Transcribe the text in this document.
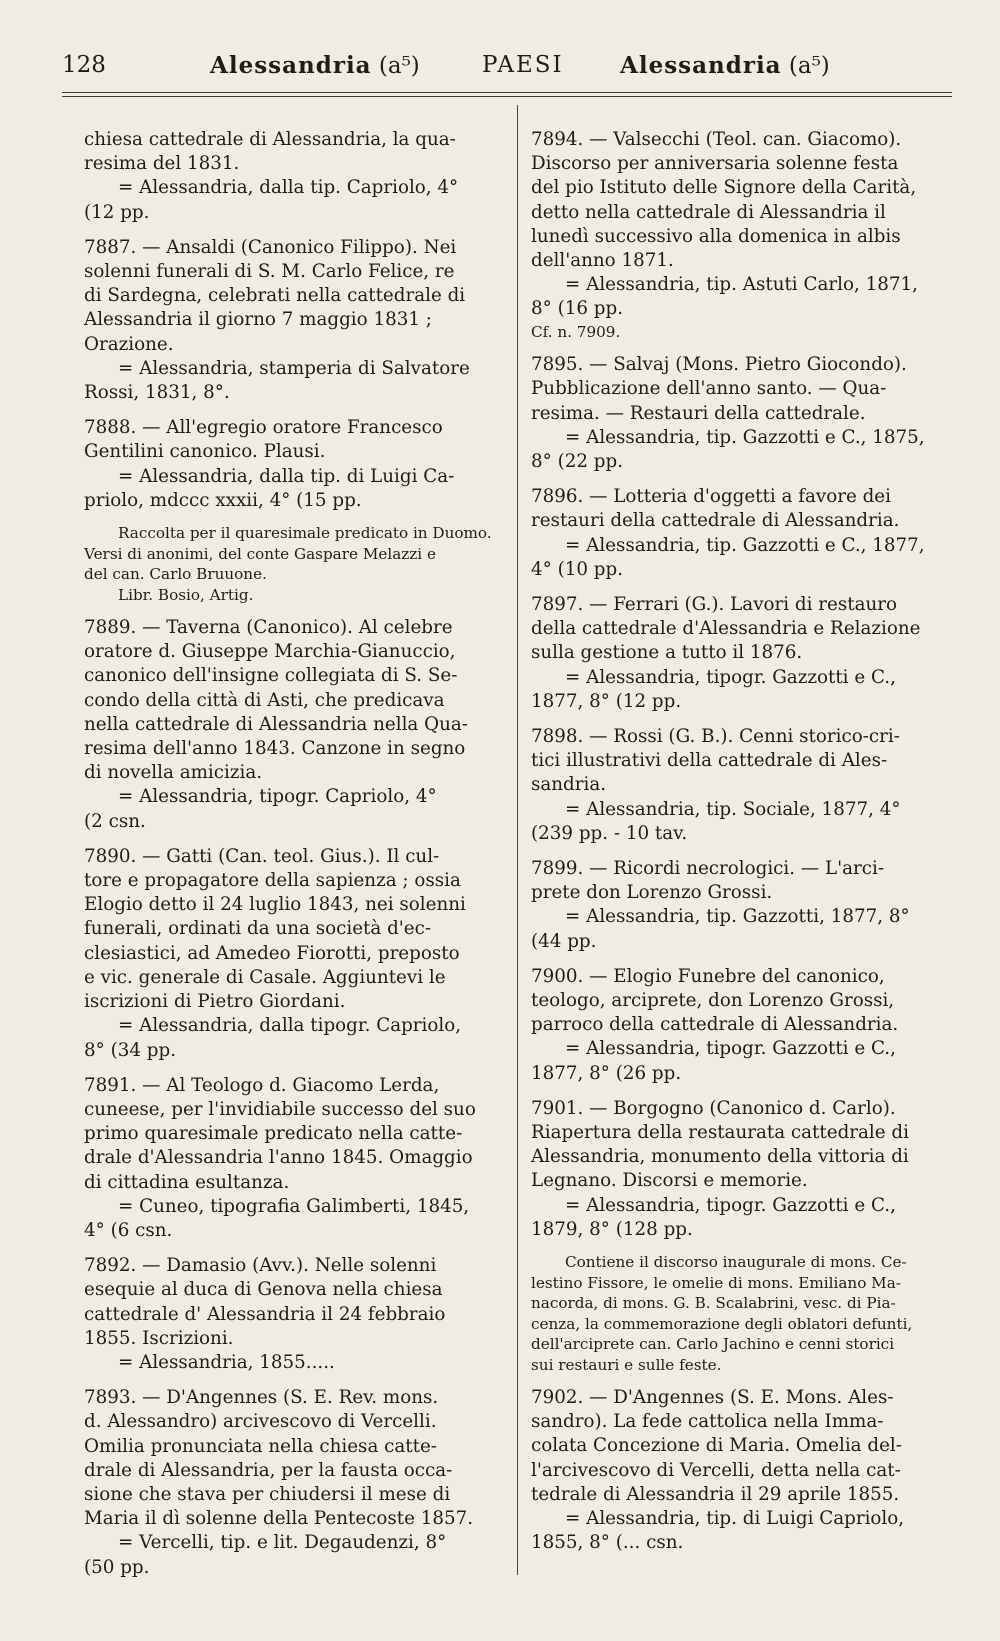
128	Alessandria (a⁵)	PAESI Alessandria (a⁵)
chiesa cattedrale di Alessandria, la qua-
resima del 1831.
= Alessandria, dalla tip. Capriolo, 4°
(12 pp.
7887. — Ansaldi (Canonico Filippo). Nei
solenni funerali di S. M. Carlo Felice, re
di Sardegna, celebrati nella cattedrale di
Alessandria il giorno 7 maggio 1831 ;
Orazione.
= Alessandria, stamperia di Salvatore
Rossi, 1831, 8°.
7888. — All'egregio oratore Francesco
Gentilini canonico. Plausi.
= Alessandria, dalla tip. di Luigi Ca-
priolo, mdccc xxxii, 4° (15 pp.
Raccolta per il quaresimale predicato in Duomo.
Versi di anonimi, del conte Gaspare Melazzi e
del can. Carlo Bruuone.
Libr. Bosio, Artig.
7889. — Taverna (Canonico). Al celebre
oratore d. Giuseppe Marchia-Gianuccio,
canonico dell'insigne collegiata di S. Se-
condo della città di Asti, che predicava
nella cattedrale di Alessandria nella Qua-
resima dell'anno 1843. Canzone in segno
di novella amicizia.
= Alessandria, tipogr. Capriolo, 4°
(2 csn.
7890. — Gatti (Can. teol. Gius.). Il cul-
tore e propagatore della sapienza ; ossia
Elogio detto il 24 luglio 1843, nei solenni
funerali, ordinati da una società d'ec-
clesiastici, ad Amedeo Fiorotti, preposto
e vic. generale di Casale. Aggiuntevi le
iscrizioni di Pietro Giordani.
= Alessandria, dalla tipogr. Capriolo,
8° (34 pp.
7891. — Al Teologo d. Giacomo Lerda,
cuneese, per l'invidiabile successo del suo
primo quaresimale predicato nella catte-
drale d'Alessandria l'anno 1845. Omaggio
di cittadina esultanza.
= Cuneo, tipografia Galimberti, 1845,
4° (6 csn.
7892. — Damasio (Avv.). Nelle solenni
esequie al duca di Genova nella chiesa
cattedrale d' Alessandria il 24 febbraio
1855. Iscrizioni.
= Alessandria, 1855.....
7893. — D'Angennes (S. E. Rev. mons.
d. Alessandro) arcivescovo di Vercelli.
Omilia pronunciata nella chiesa catte-
drale di Alessandria, per la fausta occa-
sione che stava per chiudersi il mese di
Maria il dì solenne della Pentecoste 1857.
= Vercelli, tip. e lit. Degaudenzi, 8°
(50 pp.
7894. — Valsecchi (Teol. can. Giacomo).
Discorso per anniversaria solenne festa
del pio Istituto delle Signore della Carità,
detto nella cattedrale di Alessandria il
lunedì successivo alla domenica in albis
dell'anno 1871.
= Alessandria, tip. Astuti Carlo, 1871,
8° (16 pp.
Cf. n. 7909.
7895. — Salvaj (Mons. Pietro Giocondo).
Pubblicazione dell'anno santo. — Qua-
resima. — Restauri della cattedrale.
= Alessandria, tip. Gazzotti e C., 1875,
8° (22 pp.
7896. — Lotteria d'oggetti a favore dei
restauri della cattedrale di Alessandria.
= Alessandria, tip. Gazzotti e C., 1877,
4° (10 pp.
7897. — Ferrari (G.). Lavori di restauro
della cattedrale d'Alessandria e Relazione
sulla gestione a tutto il 1876.
= Alessandria, tipogr. Gazzotti e C.,
1877, 8° (12 pp.
7898. — Rossi (G. B.). Cenni storico-cri-
tici illustrativi della cattedrale di Ales-
sandria.
= Alessandria, tip. Sociale, 1877, 4°
(239 pp. - 10 tav.
7899. — Ricordi necrologici. — L'arci-
prete don Lorenzo Grossi.
= Alessandria, tip. Gazzotti, 1877, 8°
(44 pp.
7900. — Elogio Funebre del canonico,
teologo, arciprete, don Lorenzo Grossi,
parroco della cattedrale di Alessandria.
= Alessandria, tipogr. Gazzotti e C.,
1877, 8° (26 pp.
7901. — Borgogno (Canonico d. Carlo).
Riapertura della restaurata cattedrale di
Alessandria, monumento della vittoria di
Legnano. Discorsi e memorie.
= Alessandria, tipogr. Gazzotti e C.,
1879, 8° (128 pp.
Contiene il discorso inaugurale di mons. Ce-
lestino Fissore, le omelie di mons. Emiliano Ma-
nacorda, di mons. G. B. Scalabrini, vesc. di Pia-
cenza, la commemorazione degli oblatori defunti,
dell'arciprete can. Carlo Jachino e cenni storici
sui restauri e sulle feste.
7902. — D'Angennes (S. E. Mons. Ales-
sandro). La fede cattolica nella Imma-
colata Concezione di Maria. Omelia del-
l'arcivescovo di Vercelli, detta nella cat-
tedrale di Alessandria il 29 aprile 1855.
= Alessandria, tip. di Luigi Capriolo,
1855, 8° (... csn.
